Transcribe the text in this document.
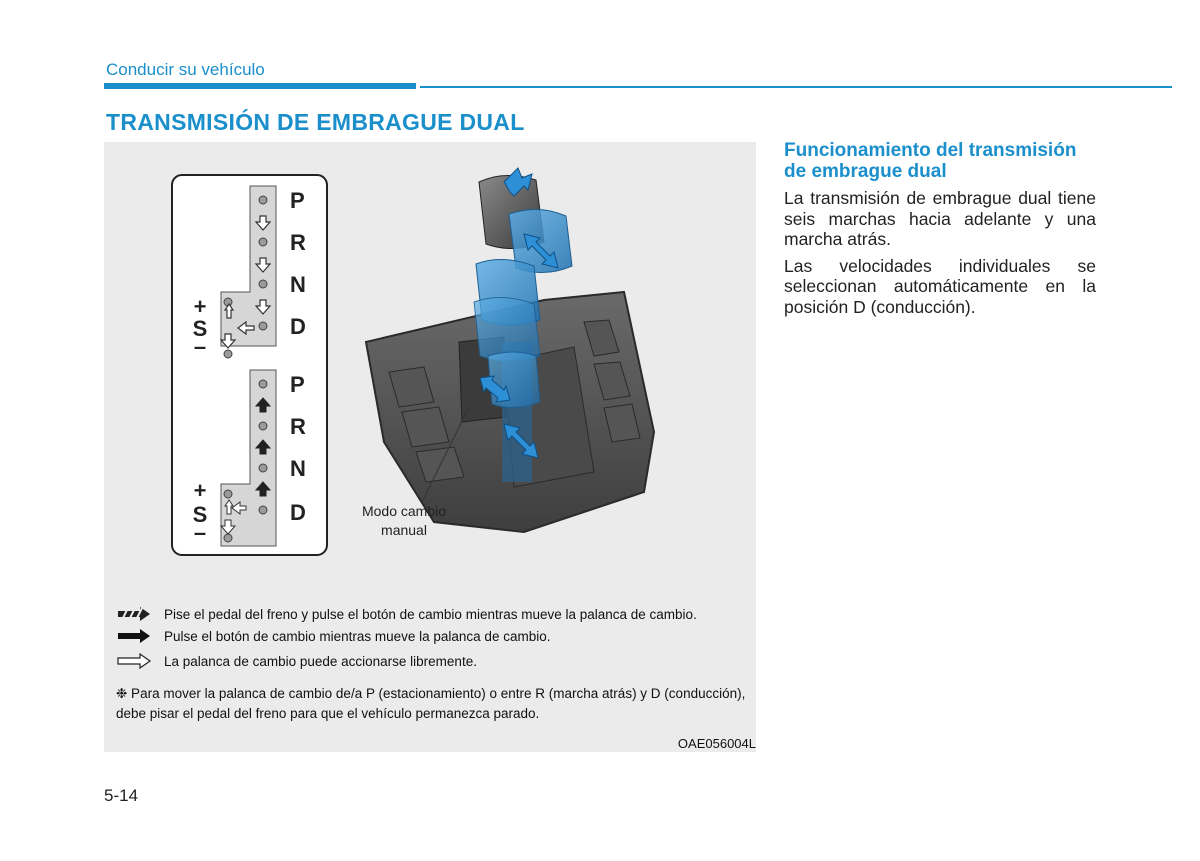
Conducir su vehículo
TRANSMISIÓN DE EMBRAGUE DUAL
P
R
N
D
P
R
N
D
+
S
–
+
S
–
Modo cambio manual
Pise el pedal del freno y pulse el botón de cambio mientras mueve la palanca de cambio.
Pulse el botón de cambio mientras mueve la palanca de cambio.
La palanca de cambio puede accionarse libremente.
❉ Para mover la palanca de cambio de/a P (estacionamiento) o entre R (marcha atrás) y D (conducción), debe pisar el pedal del freno para que el vehículo permanezca parado.
OAE056004L
Funcionamiento del transmisión de embrague dual

La transmisión de embrague dual tiene seis marchas hacia adelante y una marcha atrás.

Las velocidades individuales se seleccionan automáticamente en la posición D (conducción).

5-14
